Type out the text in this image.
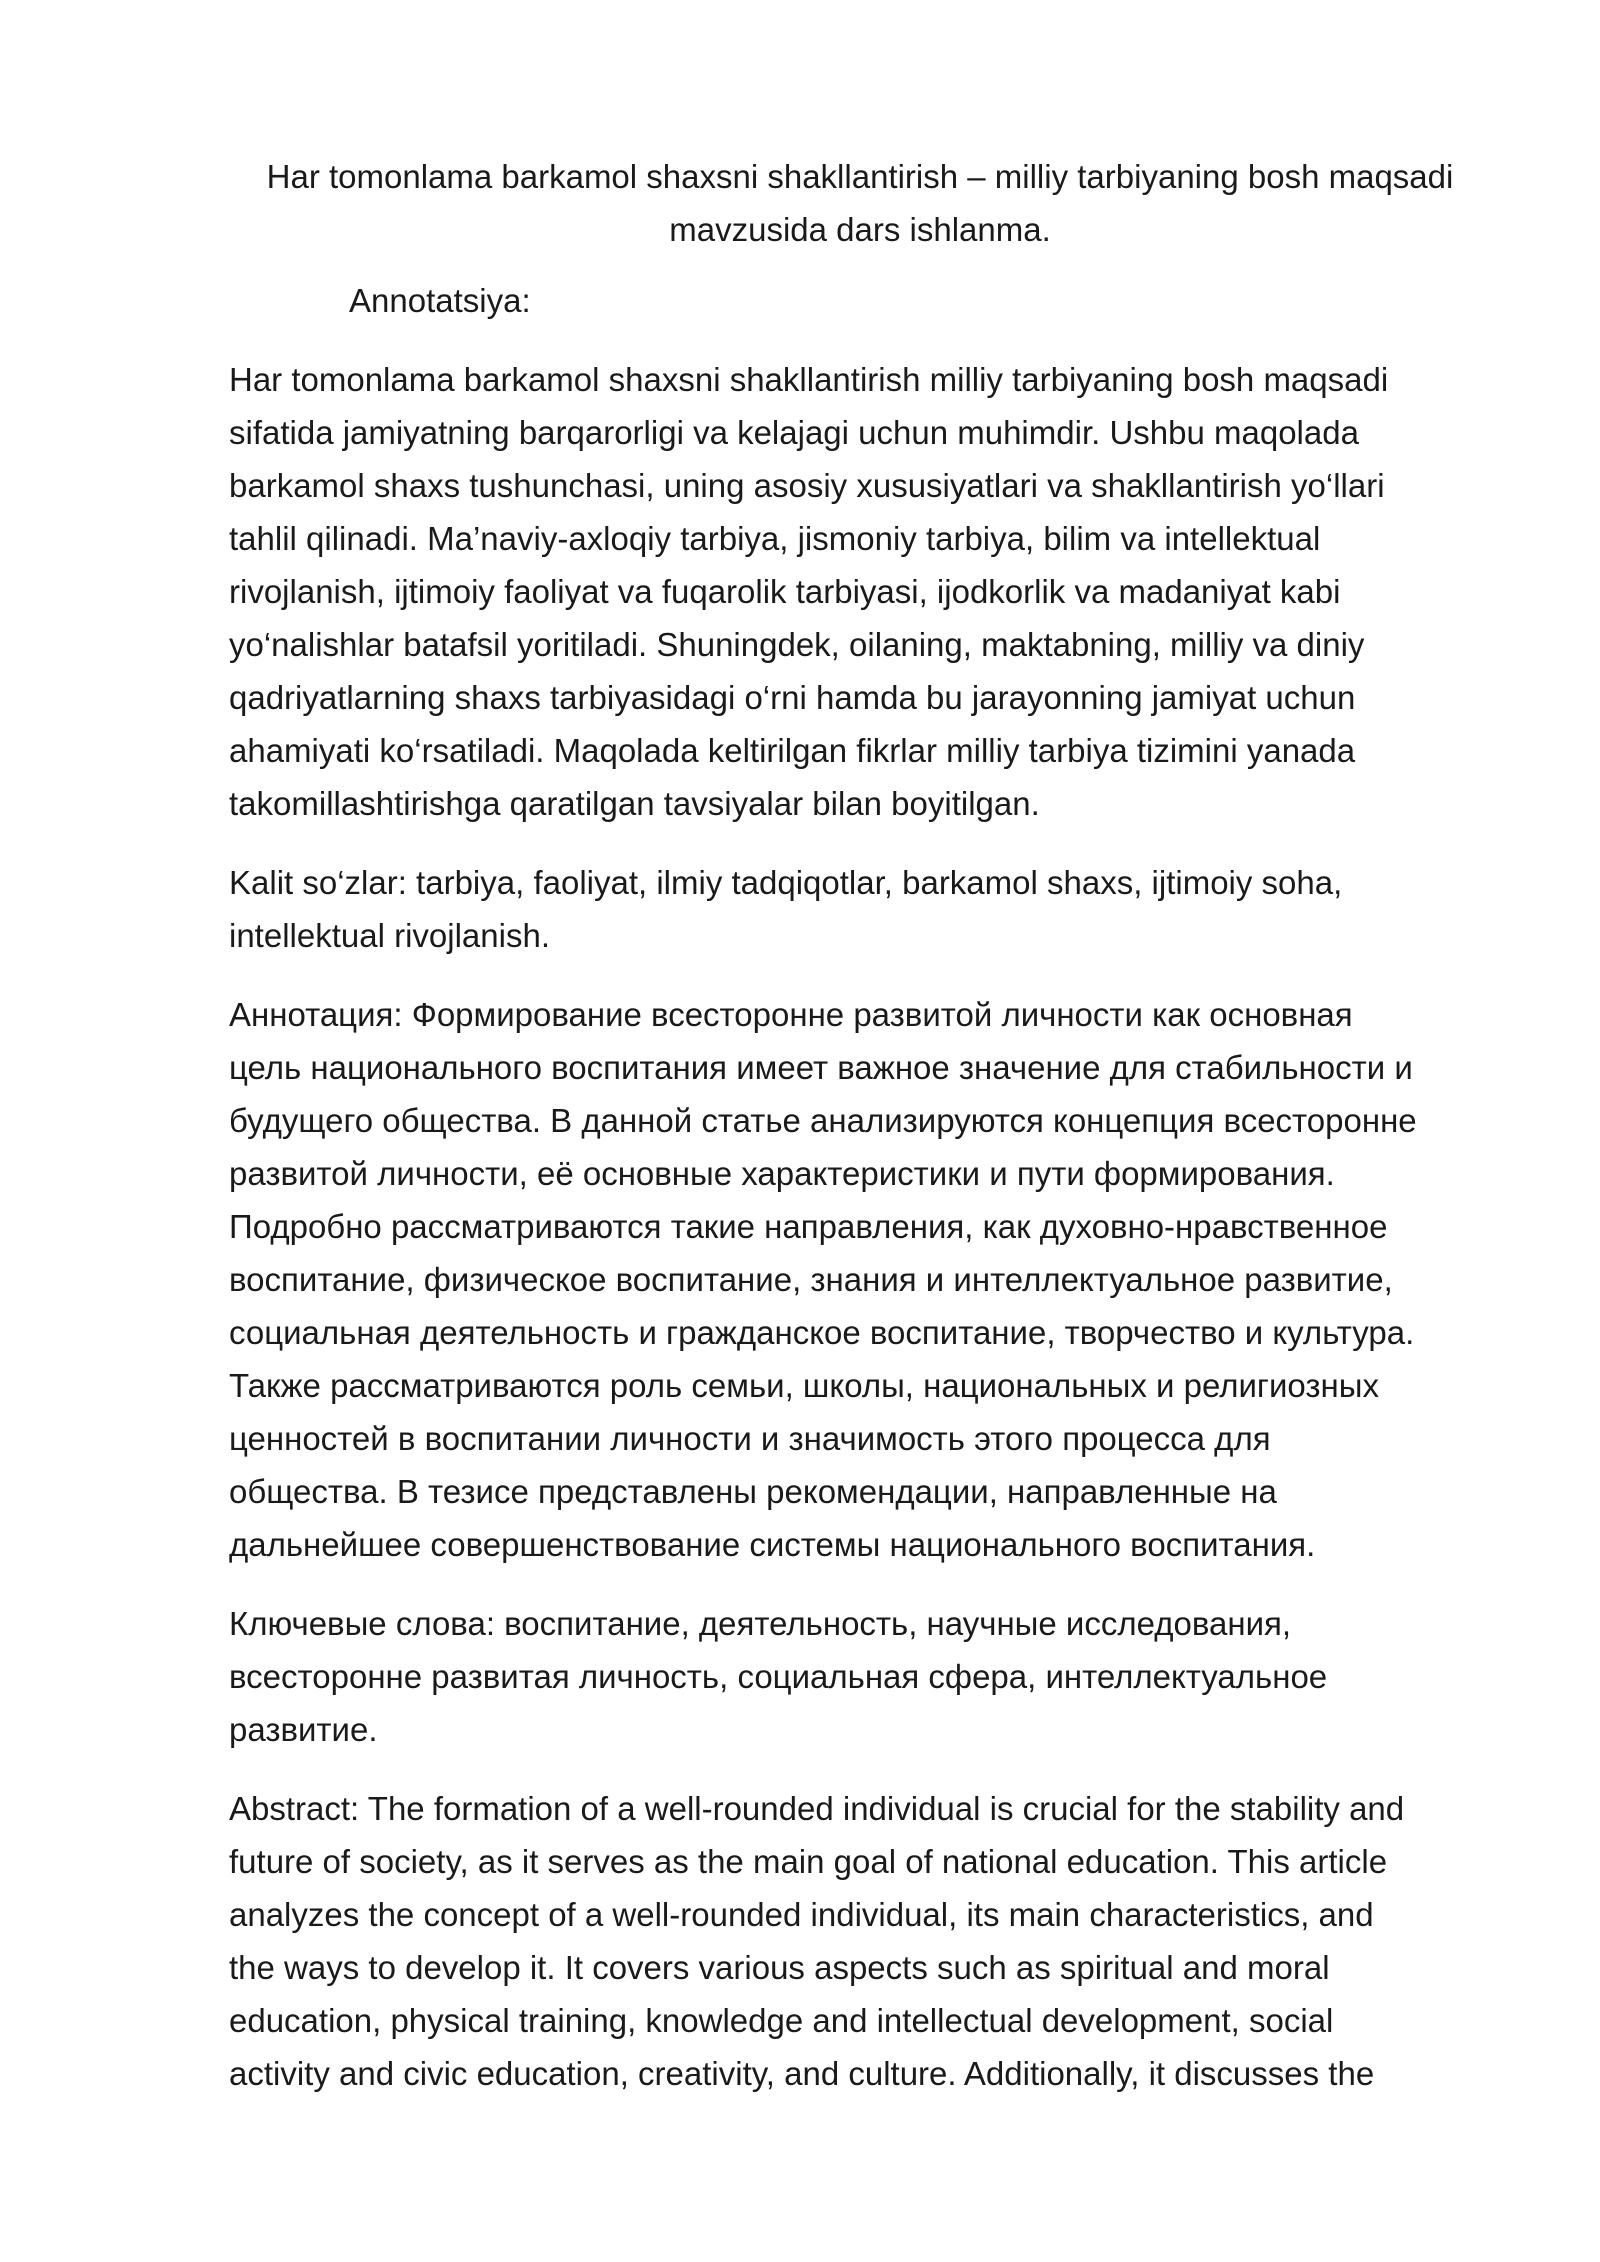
Har tomonlama barkamol shaxsni shakllantirish – milliy tarbiyaning bosh maqsadi
mavzusida dars ishlanma.
Annotatsiya:

Har tomonlama barkamol shaxsni shakllantirish milliy tarbiyaning bosh maqsadi
sifatida jamiyatning barqarorligi va kelajagi uchun muhimdir. Ushbu maqolada
barkamol shaxs tushunchasi, uning asosiy xususiyatlari va shakllantirish yo‘llari
tahlil qilinadi. Ma’naviy-axloqiy tarbiya, jismoniy tarbiya, bilim va intellektual
rivojlanish, ijtimoiy faoliyat va fuqarolik tarbiyasi, ijodkorlik va madaniyat kabi
yo‘nalishlar batafsil yoritiladi. Shuningdek, oilaning, maktabning, milliy va diniy
qadriyatlarning shaxs tarbiyasidagi o‘rni hamda bu jarayonning jamiyat uchun
ahamiyati ko‘rsatiladi. Maqolada keltirilgan fikrlar milliy tarbiya tizimini yanada
takomillashtirishga qaratilgan tavsiyalar bilan boyitilgan.

Kalit so‘zlar: tarbiya, faoliyat, ilmiy tadqiqotlar, barkamol shaxs, ijtimoiy soha,
intellektual rivojlanish.

Аннотация: Формирование всесторонне развитой личности как основная
цель национального воспитания имеет важное значение для стабильности и
будущего общества. В данной статье анализируются концепция всесторонне
развитой личности, её основные характеристики и пути формирования.
Подробно рассматриваются такие направления, как духовно-нравственное
воспитание, физическое воспитание, знания и интеллектуальное развитие,
социальная деятельность и гражданское воспитание, творчество и культура.
Также рассматриваются роль семьи, школы, национальных и религиозных
ценностей в воспитании личности и значимость этого процесса для
общества. В тезисе представлены рекомендации, направленные на
дальнейшее совершенствование системы национального воспитания.

Ключевые слова: воспитание, деятельность, научные исследования,
всесторонне развитая личность, социальная сфера, интеллектуальное
развитие.

Abstract: The formation of a well-rounded individual is crucial for the stability and
future of society, as it serves as the main goal of national education. This article
analyzes the concept of a well-rounded individual, its main characteristics, and
the ways to develop it. It covers various aspects such as spiritual and moral
education, physical training, knowledge and intellectual development, social
activity and civic education, creativity, and culture. Additionally, it discusses the
